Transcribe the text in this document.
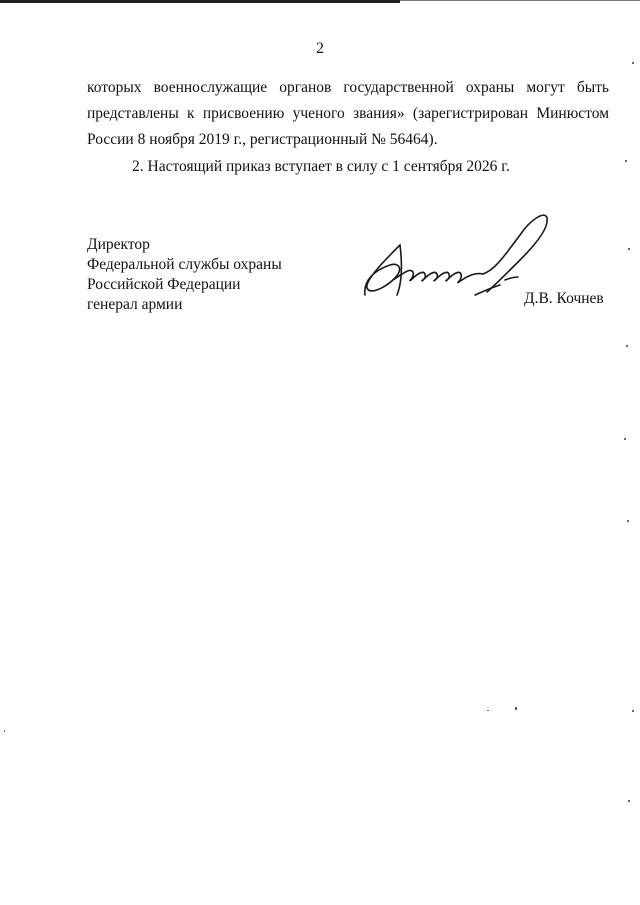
2
которых военнослужащие органов государственной охраны могут быть
представлены к присвоению ученого звания» (зарегистрирован Минюстом
России 8 ноября 2019 г., регистрационный № 56464).
2. Настоящий приказ вступает в силу с 1 сентября 2026 г.
Директор
Федеральной службы охраны
Российской Федерации
генерал армии	Д.В. Кочнев
